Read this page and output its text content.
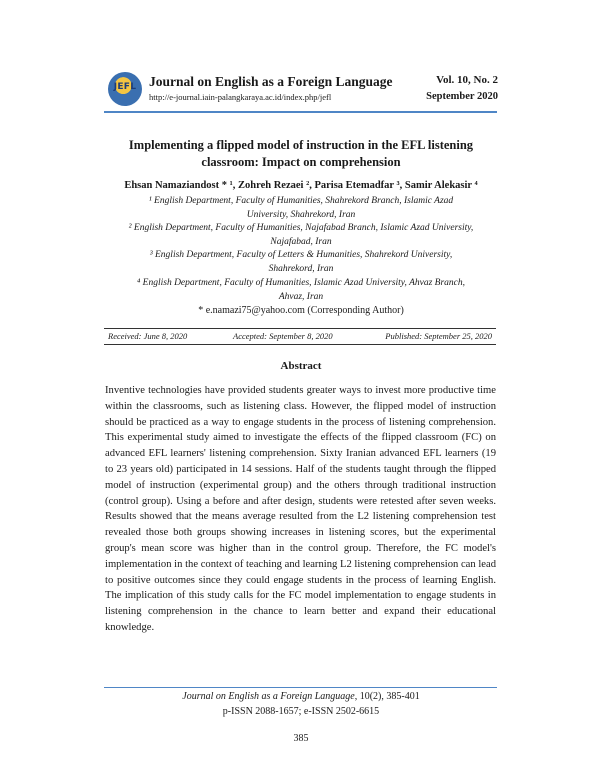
JEFL Journal on English as a Foreign Language
http://e-journal.iain-palangkaraya.ac.id/index.php/jefl
Vol. 10, No. 2
September 2020
Implementing a flipped model of instruction in the EFL listening
classroom: Impact on comprehension
Ehsan Namaziandost * ¹, Zohreh Rezaei ², Parisa Etemadfar ³, Samir Alekasir ⁴
¹ English Department, Faculty of Humanities, Shahrekord Branch, Islamic Azad
University, Shahrekord, Iran
² English Department, Faculty of Humanities, Najafabad Branch, Islamic Azad University,
Najafabad, Iran
³ English Department, Faculty of Letters & Humanities, Shahrekord University,
Shahrekord, Iran
⁴ English Department, Faculty of Humanities, Islamic Azad University, Ahvaz Branch,
Ahvaz, Iran
* e.namazi75@yahoo.com (Corresponding Author)
Received: June 8, 2020	Accepted: September 8, 2020	Published: September 25, 2020
Abstract
Inventive technologies have provided students greater ways to invest more productive time within the classrooms, such as listening class. However, the flipped model of instruction should be practiced as a way to engage students in the process of listening comprehension. This experimental study aimed to investigate the effects of the flipped classroom (FC) on advanced EFL learners' listening comprehension. Sixty Iranian advanced EFL learners (19 to 23 years old) participated in 14 sessions. Half of the students taught through the flipped model of instruction (experimental group) and the others through traditional instruction (control group). Using a before and after design, students were retested after seven weeks. Results showed that the means average resulted from the L2 listening comprehension test revealed those both groups showing increases in listening scores, but the experimental group's mean score was higher than in the control group. Therefore, the FC model's implementation in the context of teaching and learning L2 listening comprehension can lead to positive outcomes since they could engage students in the process of learning English. The implication of this study calls for the FC model implementation to engage students in listening comprehension in the chance to learn better and expand their educational knowledge.
Journal on English as a Foreign Language, 10(2), 385-401
p-ISSN 2088-1657; e-ISSN 2502-6615
385
